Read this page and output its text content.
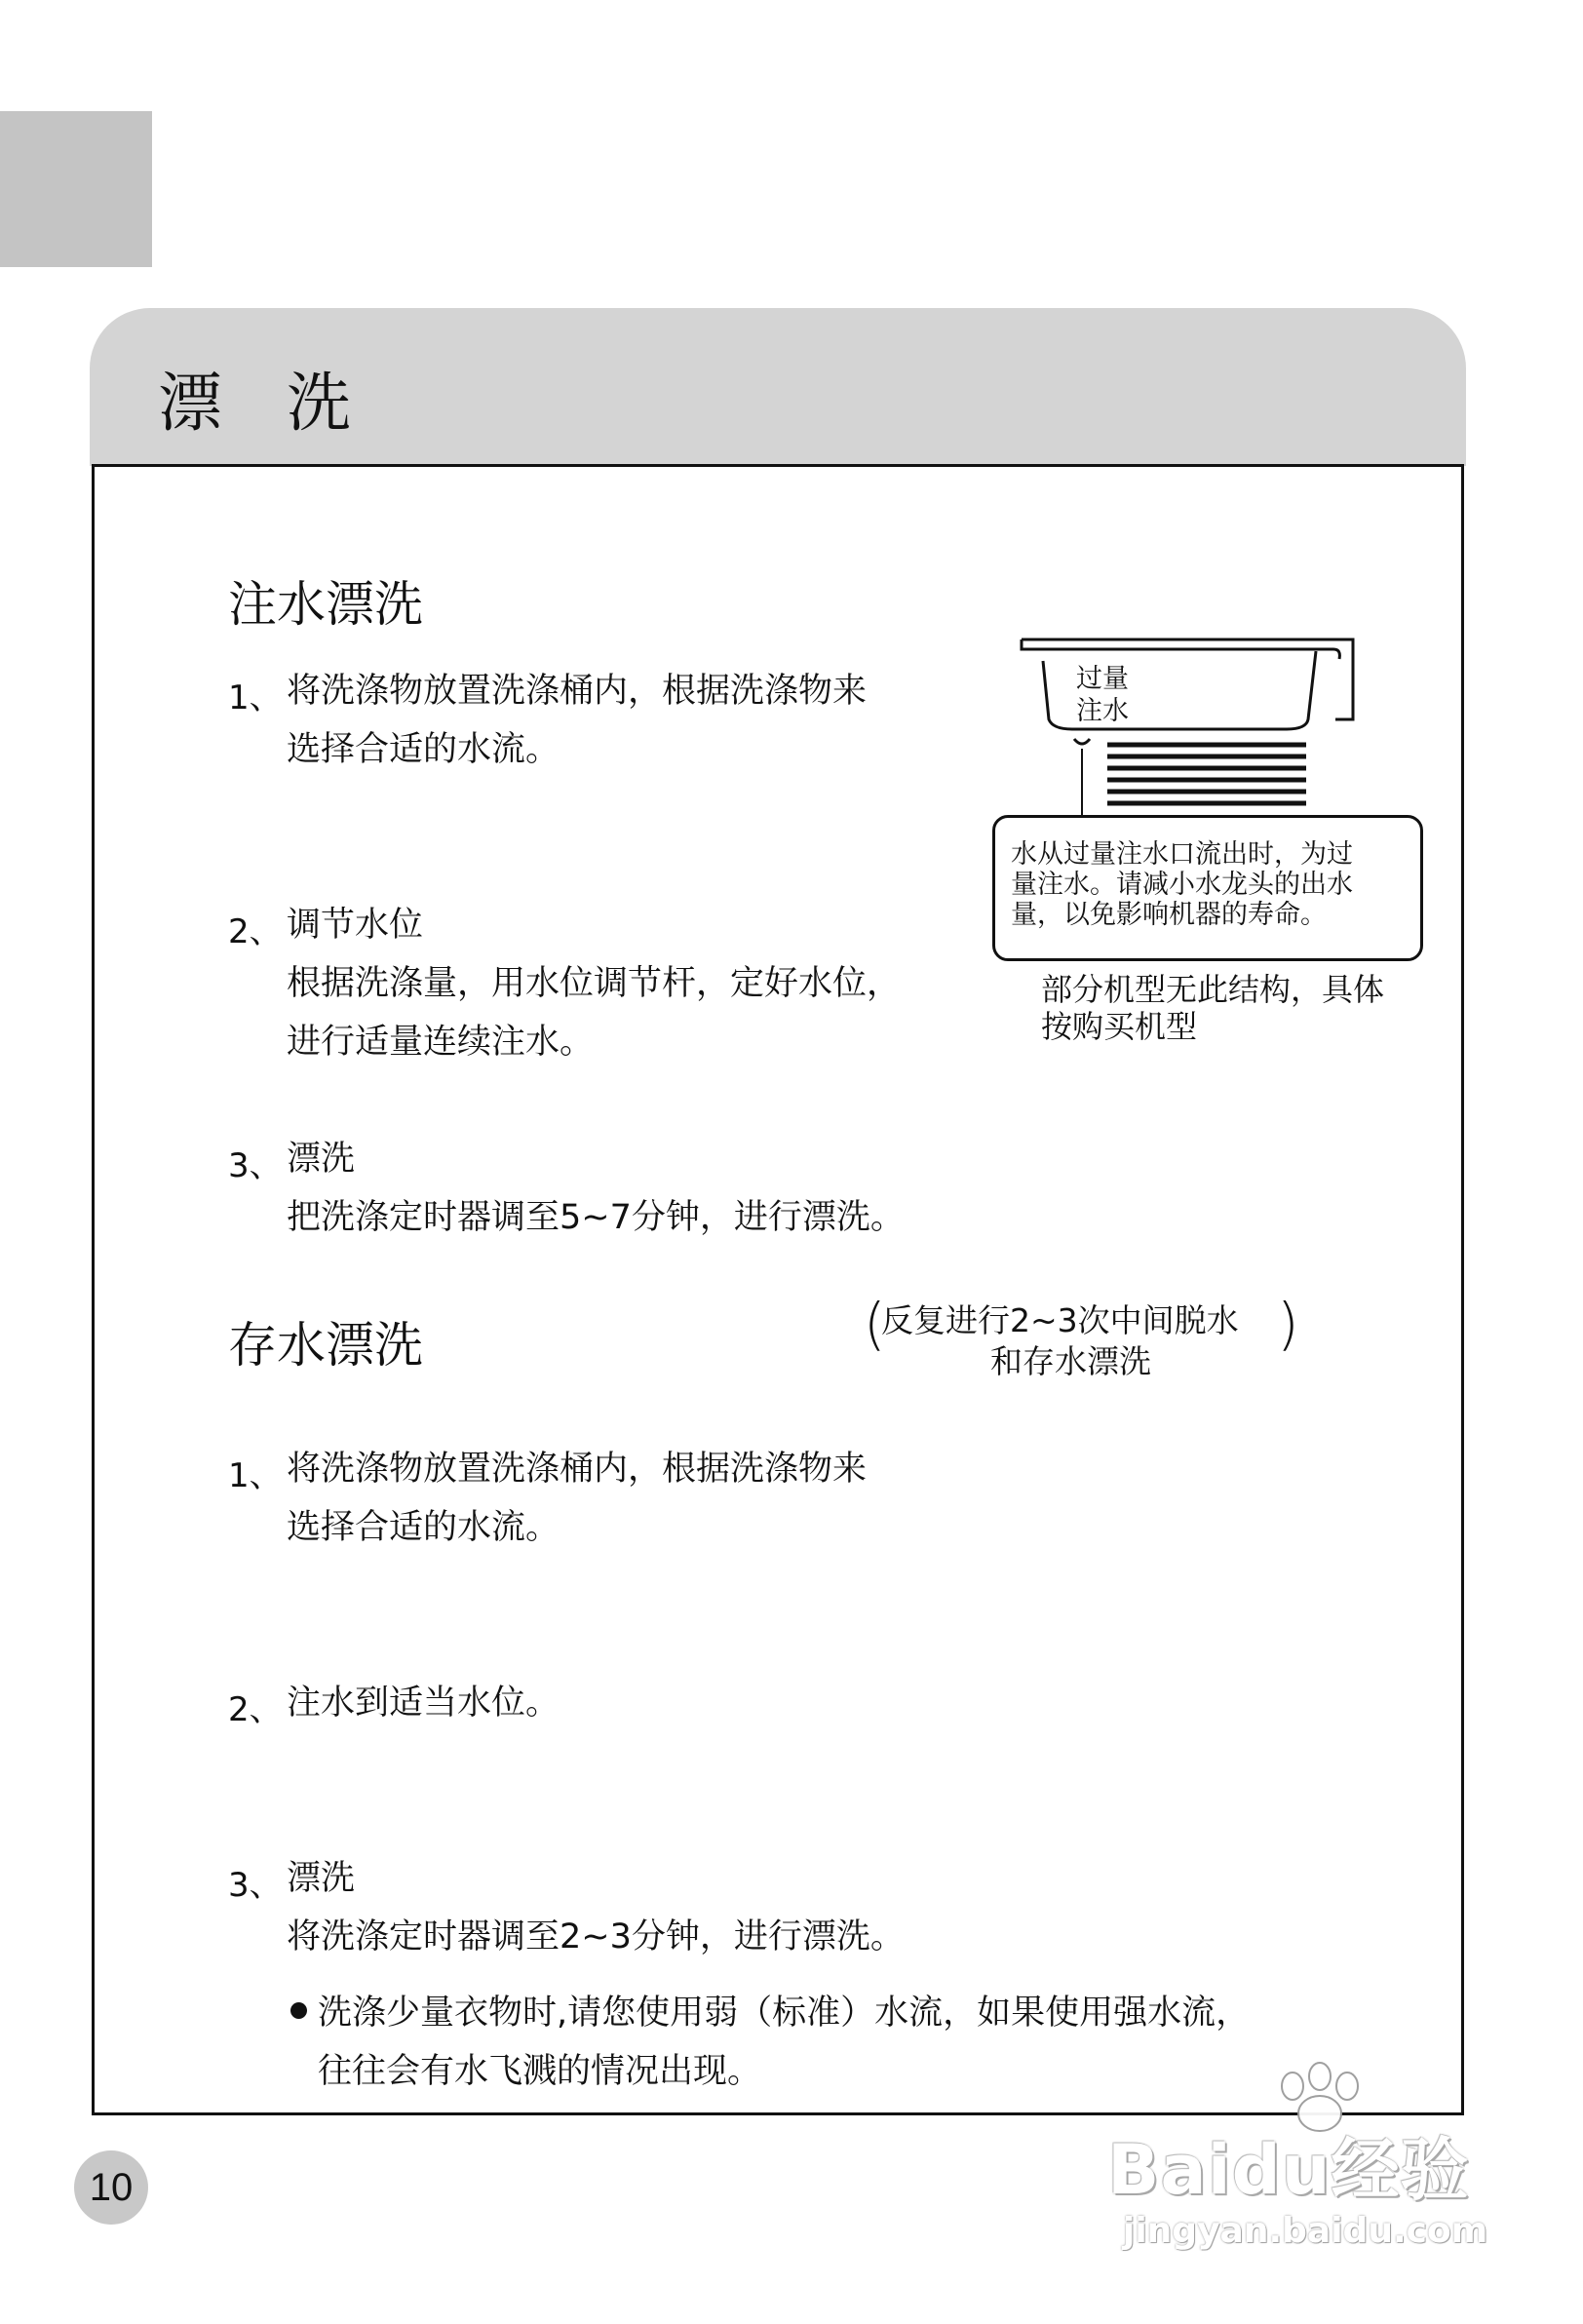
漂　洗
注水漂洗
1、 将洗涤物放置洗涤桶内，根据洗涤物来
选择合适的水流。
2、 调节水位
根据洗涤量，用水位调节杆，定好水位，
进行适量连续注水。
3、 漂洗
把洗涤定时器调至5~7分钟，进行漂洗。
过量
注水
水从过量注水口流出时，为过
量注水。请减小水龙头的出水
量，以免影响机器的寿命。
部分机型无此结构，具体
按购买机型
存水漂洗	(
反复进行2~3次中间脱水
和存水漂洗
)
1、 将洗涤物放置洗涤桶内，根据洗涤物来
选择合适的水流。
2、 注水到适当水位。
3、 漂洗
将洗涤定时器调至2~3分钟，进行漂洗。
洗涤少量衣物时,请您使用弱（标准）水流，如果使用强水流，
往往会有水飞溅的情况出现。
10	Baidu经验
jingyan.baidu.com
